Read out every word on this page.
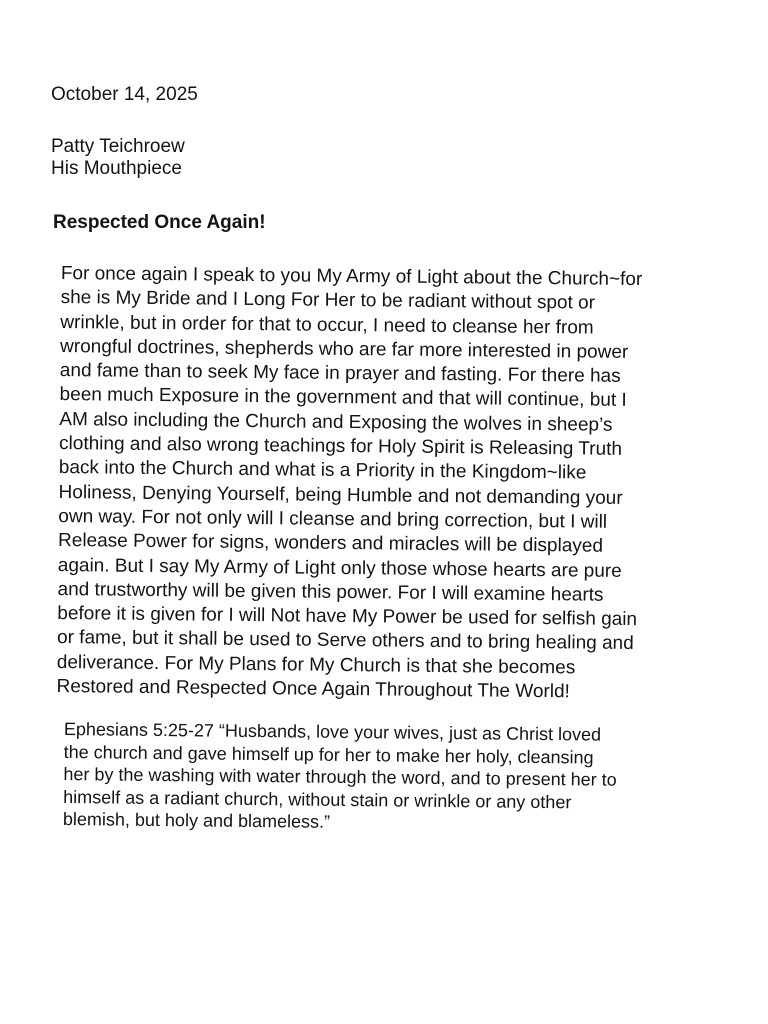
October 14, 2025
Patty Teichroew
His Mouthpiece
Respected Once Again!
For once again I speak to you My Army of Light about the Church~for
she is My Bride and I Long For Her to be radiant without spot or
wrinkle, but in order for that to occur, I need to cleanse her from
wrongful doctrines, shepherds who are far more interested in power
and fame than to seek My face in prayer and fasting. For there has
been much Exposure in the government and that will continue, but I
AM also including the Church and Exposing the wolves in sheep’s
clothing and also wrong teachings for Holy Spirit is Releasing Truth
back into the Church and what is a Priority in the Kingdom~like
Holiness, Denying Yourself, being Humble and not demanding your
own way. For not only will I cleanse and bring correction, but I will
Release Power for signs, wonders and miracles will be displayed
again. But I say My Army of Light only those whose hearts are pure
and trustworthy will be given this power. For I will examine hearts
before it is given for I will Not have My Power be used for selfish gain
or fame, but it shall be used to Serve others and to bring healing and
deliverance. For My Plans for My Church is that she becomes
Restored and Respected Once Again Throughout The World!
Ephesians 5:25-27 “Husbands, love your wives, just as Christ loved
the church and gave himself up for her to make her holy, cleansing
her by the washing with water through the word, and to present her to
himself as a radiant church, without stain or wrinkle or any other
blemish, but holy and blameless.”
